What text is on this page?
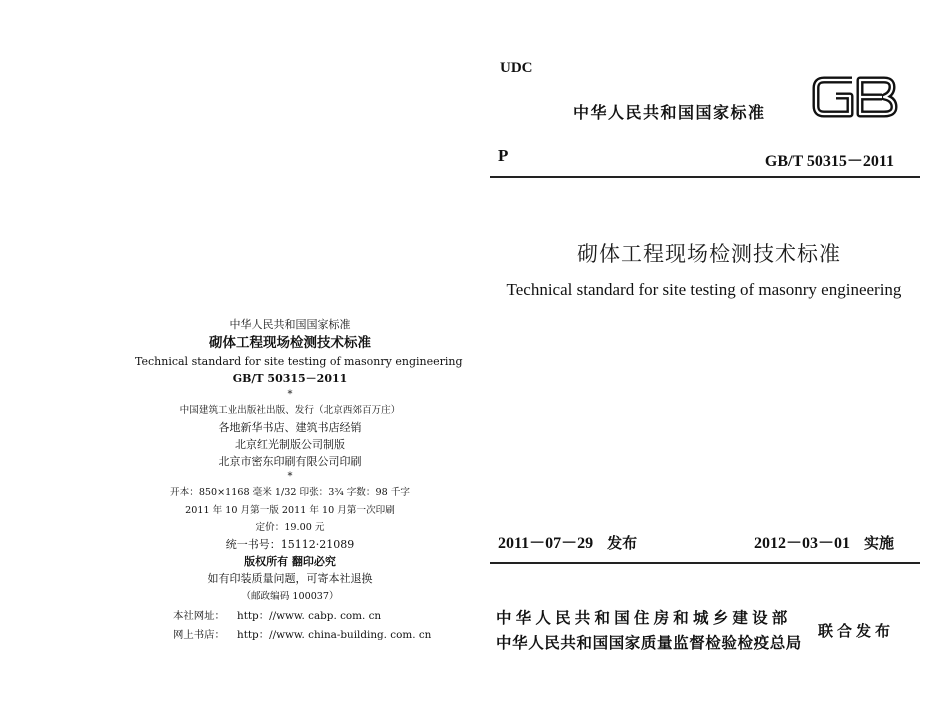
中华人民共和国国家标准
砌体工程现场检测技术标准
Technical standard for site testing of masonry engineering
GB/T 50315－2011
*
中国建筑工业出版社出版、发行（北京西郊百万庄）
各地新华书店、建筑书店经销
北京红光制版公司制版
北京市密东印刷有限公司印刷
*
开本：850×1168 毫米 1/32 印张：3¾ 字数：98 千字
2011 年 10 月第一版 2011 年 10 月第一次印刷
定价：19.00 元
统一书号：15112·21089
版权所有 翻印必究
如有印装质量问题，可寄本社退换
（邮政编码 100037）
本社网址： http：//www. cabp. com. cn
网上书店： http：//www. china-building. com. cn
UDC
中华人民共和国国家标准
P	GB/T 50315－2011
砌体工程现场检测技术标准
Technical standard for site testing of masonry engineering
2011－07－29 发布	2012－03－01 实施
中华人民共和国住房和城乡建设部
中华人民共和国国家质量监督检验检疫总局
联合发布
